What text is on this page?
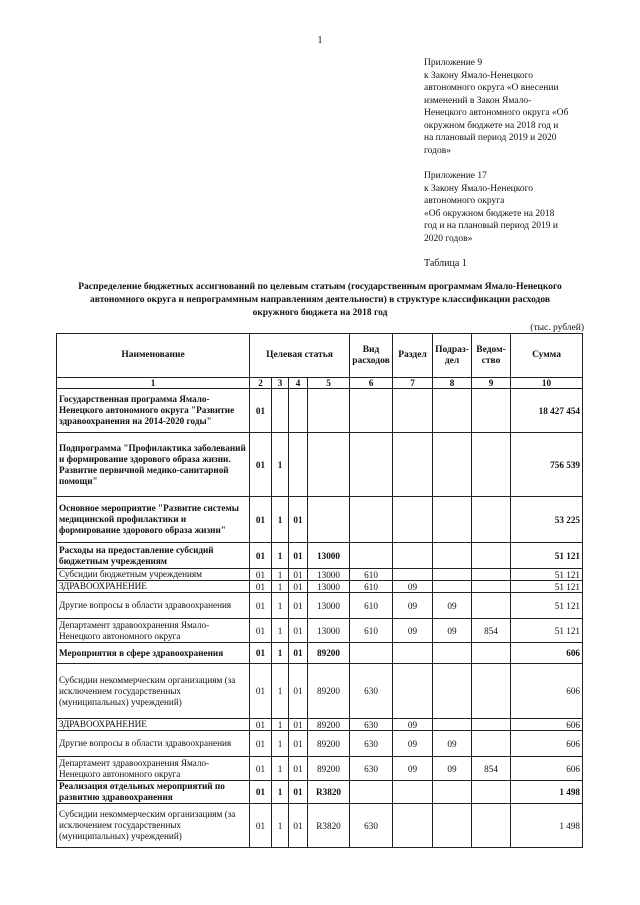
1
Приложение 9
к Закону Ямало-Ненецкого
автономного округа «О внесении
изменений в Закон Ямало-
Ненецкого автономного округа «Об
окружном бюджете на 2018 год и
на плановый период 2019 и 2020
годов»
Приложение 17
к Закону Ямало-Ненецкого
автономного округа
«Об окружном бюджете на 2018
год и на плановый период 2019 и
2020 годов»
Таблица 1
Распределение бюджетных ассигнований по целевым статьям (государственным программам Ямало-Ненецкого
автономного округа и непрограммным направлениям деятельности) в структуре классификации расходов
окружного бюджета на 2018 год
(тыс. рублей)
Наименование	Целевая статья				Вид расходов	Раздел	Подраз-дел	Ведом-ство	Сумма
1	2	3	4	5	6	7	8	9	10
Государственная программа Ямало-Ненецкого автономного округа "Развитие здравоохранения на 2014-2020 годы"	01								18 427 454
Подпрограмма "Профилактика заболеваний и формирование здорового образа жизни. Развитие первичной медико-санитарной помощи"	01	1							756 539
Основное мероприятие "Развитие системы медицинской профилактики и формирование здорового образа жизни"	01	1	01						53 225
Расходы на предоставление субсидий бюджетным учреждениям	01	1	01	13000					51 121
Субсидии бюджетным учреждениям	01	1	01	13000	610				51 121
ЗДРАВООХРАНЕНИЕ	01	1	01	13000	610	09			51 121
Другие вопросы в области здравоохранения	01	1	01	13000	610	09	09		51 121
Департамент здравоохранения Ямало-Ненецкого автономного округа	01	1	01	13000	610	09	09	854	51 121
Мероприятия в сфере здравоохранения	01	1	01	89200					606
Субсидии некоммерческим организациям (за исключением государственных (муниципальных) учреждений)	01	1	01	89200	630				606
ЗДРАВООХРАНЕНИЕ	01	1	01	89200	630	09			606
Другие вопросы в области здравоохранения	01	1	01	89200	630	09	09		606
Департамент здравоохранения Ямало-Ненецкого автономного округа	01	1	01	89200	630	09	09	854	606
Реализация отдельных мероприятий по развитию здравоохранения	01	1	01	R3820					1 498
Субсидии некоммерческим организациям (за исключением государственных (муниципальных) учреждений)	01	1	01	R3820	630				1 498
